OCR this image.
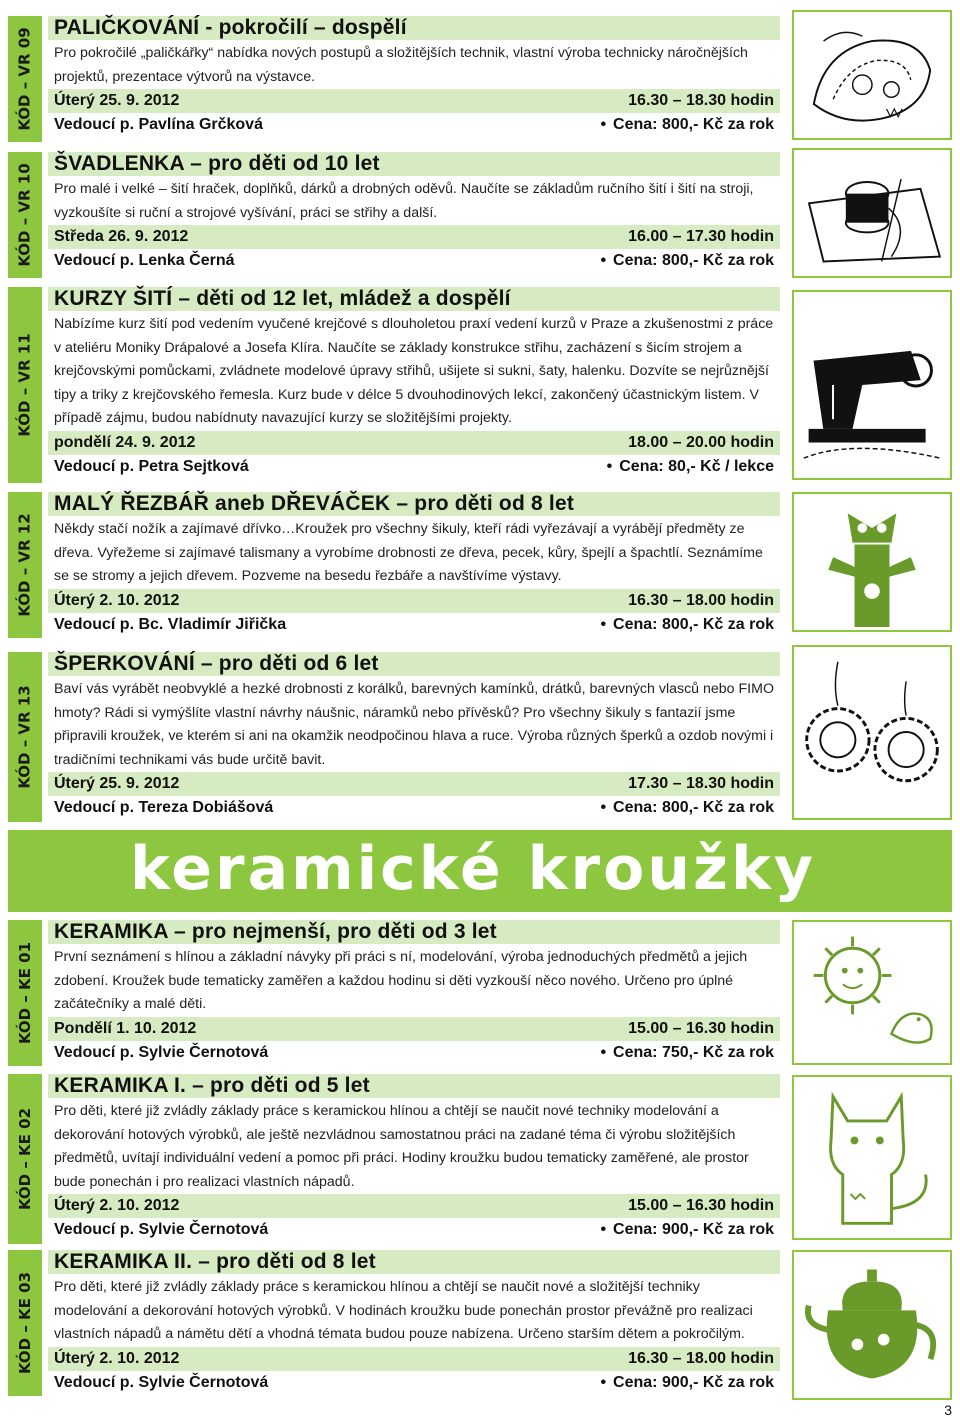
KÓD – VR 09 PALIČKOVÁNÍ - pokročilí – dospělí
Pro pokročilé „paličkářky“ nabídka nových postupů a složitějších technik, vlastní výroba technicky náročnějších projektů, prezentace výtvorů na výstavce.
Úterý 25. 9. 2012	16.30 – 18.30 hodin
Vedoucí p. Pavlína Grčková	• Cena: 800,- Kč za rok
KÓD – VR 10 ŠVADLENKA – pro děti od 10 let
Pro malé i velké – šití hraček, doplňků, dárků a drobných oděvů. Naučíte se základům ručního šití i šití na stroji, vyzkoušíte si ruční a strojové vyšívání, práci se střihy a další.
Středa 26. 9. 2012	16.00 – 17.30 hodin
Vedoucí p. Lenka Černá	• Cena: 800,- Kč za rok
KÓD – VR 11
KURZY ŠITÍ – děti od 12 let, mládež a dospělí
Nabízíme kurz šití pod vedením vyučené krejčové s dlouholetou praxí vedení kurzů v Praze a zkušenostmi z práce v ateliéru Moniky Drápalové a Josefa Klíra. Naučíte se základy konstrukce střihu, zacházení s šicím strojem a krejčovskými pomůckami, zvládnete modelové úpravy střihů, ušijete si sukni, šaty, halenku. Dozvíte se nejrůznější tipy a triky z krejčovského řemesla. Kurz bude v délce 5 dvouhodinových lekcí, zakončený účastnickým listem. V případě zájmu, budou nabídnuty navazující kurzy se složitějšími projekty.
pondělí 24. 9. 2012	18.00 – 20.00 hodin
Vedoucí p. Petra Sejtková	• Cena: 80,- Kč / lekce
KÓD – VR 12
MALÝ ŘEZBÁŘ aneb DŘEVÁČEK – pro děti od 8 let
Někdy stačí nožík a zajímavé dřívko…Kroužek pro všechny šikuly, kteří rádi vyřezávají a vyrábějí předměty ze dřeva. Vyřežeme si zajímavé talismany a vyrobíme drobnosti ze dřeva, pecek, kůry, špejlí a špachtlí. Seznámíme se se stromy a jejich dřevem. Pozveme na besedu řezbáře a navštívíme výstavy.
Úterý 2. 10. 2012	16.30 – 18.00 hodin
Vedoucí p. Bc. Vladimír Jiřička	• Cena: 800,- Kč za rok
KÓD – VR 13
ŠPERKOVÁNÍ – pro děti od 6 let
Baví vás vyrábět neobvyklé a hezké drobnosti z korálků, barevných kamínků, drátků, barevných vlasců nebo FIMO hmoty? Rádi si vymýšlíte vlastní návrhy náušnic, náramků nebo přívěsků? Pro všechny šikuly s fantazií jsme připravili kroužek, ve kterém si ani na okamžik neodpočinou hlava a ruce. Výroba různých šperků a ozdob novými i tradičními technikami vás bude určitě bavit.
Úterý 25. 9. 2012	17.30 – 18.30 hodin
Vedoucí p. Tereza Dobiášová	• Cena: 800,- Kč za rok
keramické kroužky
KÓD – KE 01
KERAMIKA – pro nejmenší, pro děti od 3 let
První seznámení s hlínou a základní návyky při práci s ní, modelování, výroba jednoduchých předmětů a jejich zdobení. Kroužek bude tematicky zaměřen a každou hodinu si děti vyzkouší něco nového. Určeno pro úplné začátečníky a malé děti.
Pondělí 1. 10. 2012	15.00 – 16.30 hodin
Vedoucí p. Sylvie Černotová	• Cena: 750,- Kč za rok
KÓD – KE 02
KERAMIKA I. – pro děti od 5 let
Pro děti, které již zvládly základy práce s keramickou hlínou a chtějí se naučit nové techniky modelování a dekorování hotových výrobků, ale ještě nezvládnou samostatnou práci na zadané téma či výrobu složitějších předmětů, uvítají individuální vedení a pomoc při práci. Hodiny kroužku budou tematicky zaměřené, ale prostor bude ponechán i pro realizaci vlastních nápadů.
Úterý 2. 10. 2012	15.00 – 16.30 hodin
Vedoucí p. Sylvie Černotová	• Cena: 900,- Kč za rok
KÓD – KE 03
KERAMIKA II. – pro děti od 8 let
Pro děti, které již zvládly základy práce s keramickou hlínou a chtějí se naučit nové a složitější techniky modelování a dekorování hotových výrobků. V hodinách kroužku bude ponechán prostor převážně pro realizaci vlastních nápadů a námětu dětí a vhodná témata budou pouze nabízena. Určeno starším dětem a pokročilým.
Úterý 2. 10. 2012	16.30 – 18.00 hodin
Vedoucí p. Sylvie Černotová	• Cena: 900,- Kč za rok
3
